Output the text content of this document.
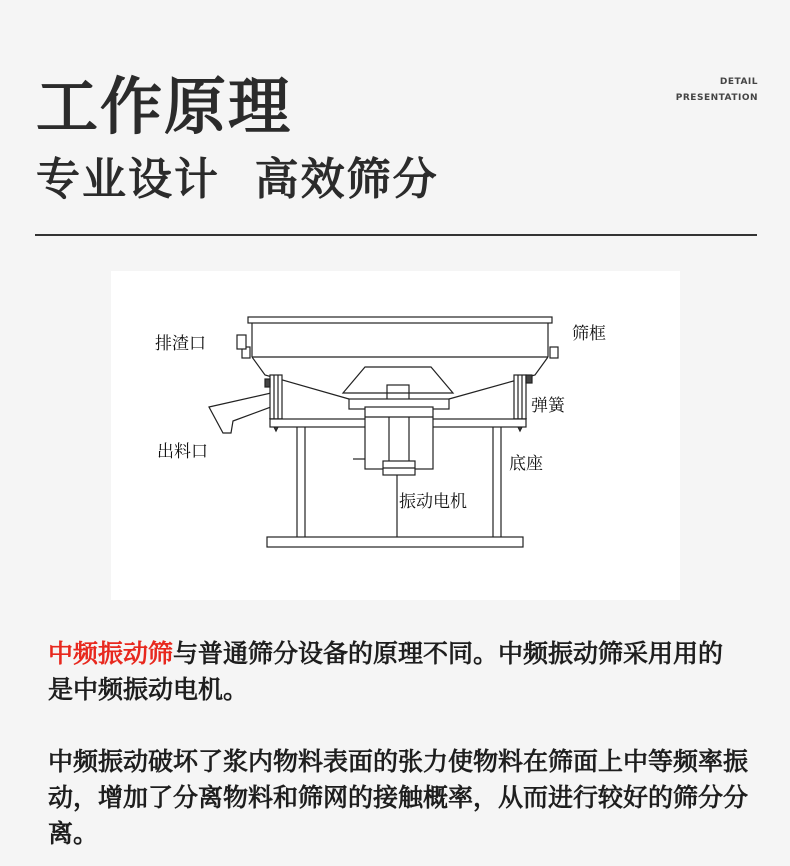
工作原理
专业设计  高效筛分
DETAIL
PRESENTATION
排渣口	筛框
弹簧
出料口
底座
振动电机

中频振动筛与普通筛分设备的原理不同。中频振动筛采用用的是中频振动电机。

中频振动破坏了浆内物料表面的张力使物料在筛面上中等频率振动，增加了分离物料和筛网的接触概率，从而进行较好的筛分分离。
